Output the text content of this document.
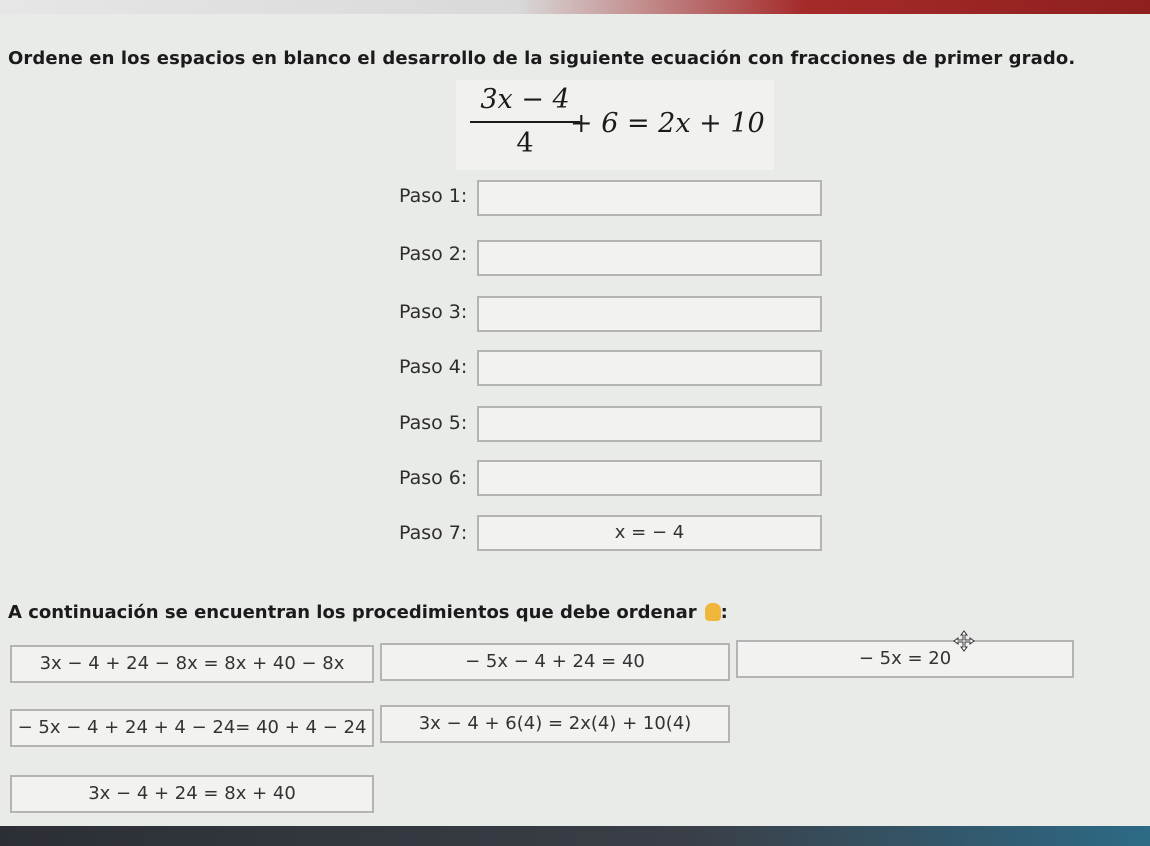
Ordene en los espacios en blanco el desarrollo de la siguiente ecuación con fracciones de primer grado.
3x − 4
4
+ 6 = 2x + 10
Paso 1:
Paso 2:
Paso 3:
Paso 4:
Paso 5:
Paso 6:
Paso 7:	x = − 4
A continuación se encuentran los procedimientos que debe ordenar :
3x − 4 + 24 − 8x = 8x + 40 − 8x	− 5x − 4 + 24 = 40	− 5x = 20
− 5x − 4 + 24 + 4 − 24= 40 + 4 − 24	3x − 4 + 6(4) = 2x(4) + 10(4)
3x − 4 + 24 = 8x + 40
